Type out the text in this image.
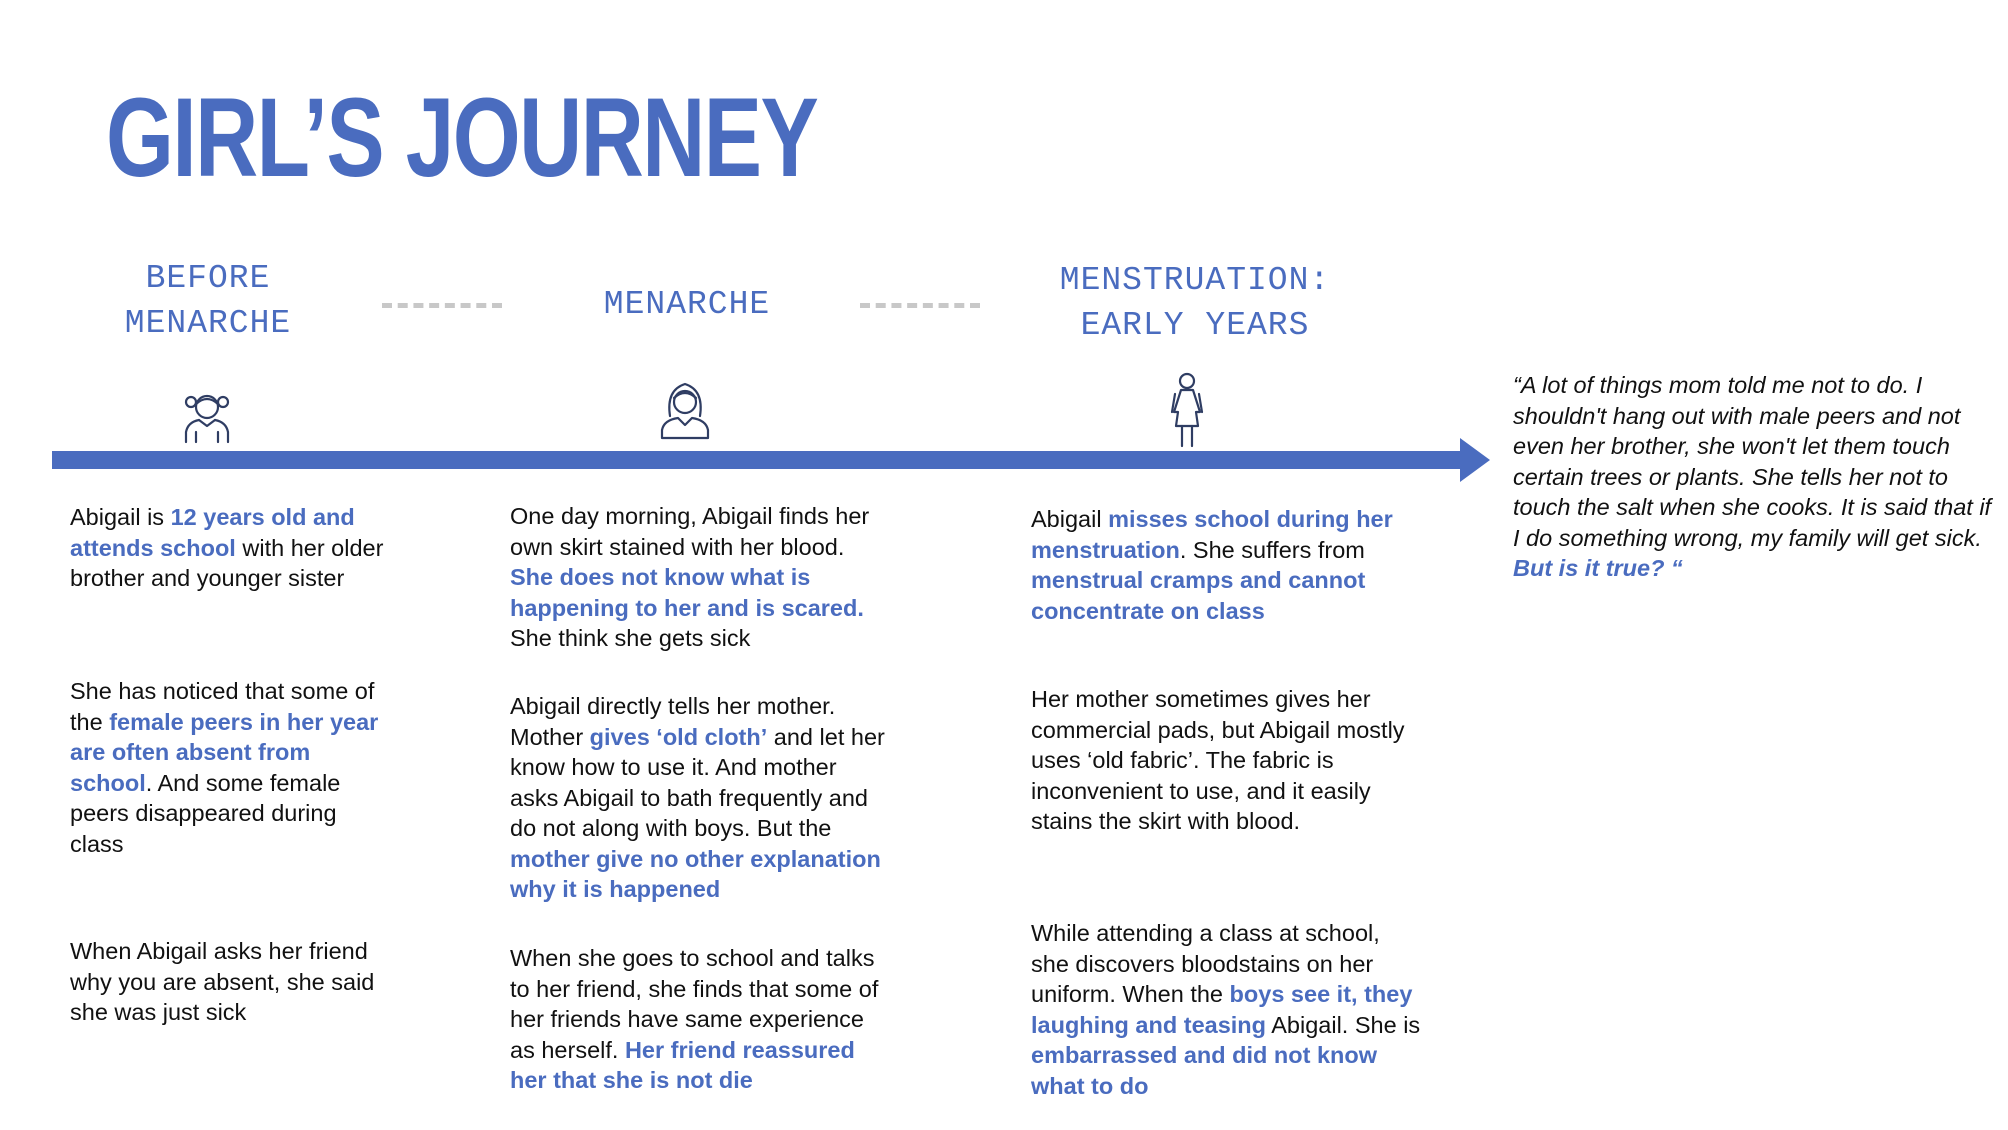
GIRL’S JOURNEY
BEFORE
MENARCHE
MENARCHE
MENSTRUATION:
EARLY YEARS

Abigail is 12 years old and attends school with her older brother and younger sister

She has noticed that some of the female peers in her year are often absent from school. And some female peers disappeared during class

When Abigail asks her friend why you are absent, she said she was just sick

One day morning, Abigail finds her own skirt stained with her blood. She does not know what is happening to her and is scared. She think she gets sick

Abigail directly tells her mother. Mother gives ‘old cloth’ and let her know how to use it. And mother asks Abigail to bath frequently and do not along with boys. But the mother give no other explanation why it is happened

When she goes to school and talks to her friend, she finds that some of her friends have same experience as herself. Her friend reassured her that she is not die

Abigail misses school during her menstruation. She suffers from menstrual cramps and cannot concentrate on class

Her mother sometimes gives her commercial pads, but Abigail mostly uses ‘old fabric’. The fabric is inconvenient to use, and it easily stains the skirt with blood.

While attending a class at school, she discovers bloodstains on her uniform. When the boys see it, they laughing and teasing Abigail. She is embarrassed and did not know what to do

“A lot of things mom told me not to do. I shouldn't hang out with male peers and not even her brother, she won't let them touch certain trees or plants. She tells her not to touch the salt when she cooks. It is said that if I do something wrong, my family will get sick. But is it true? “
